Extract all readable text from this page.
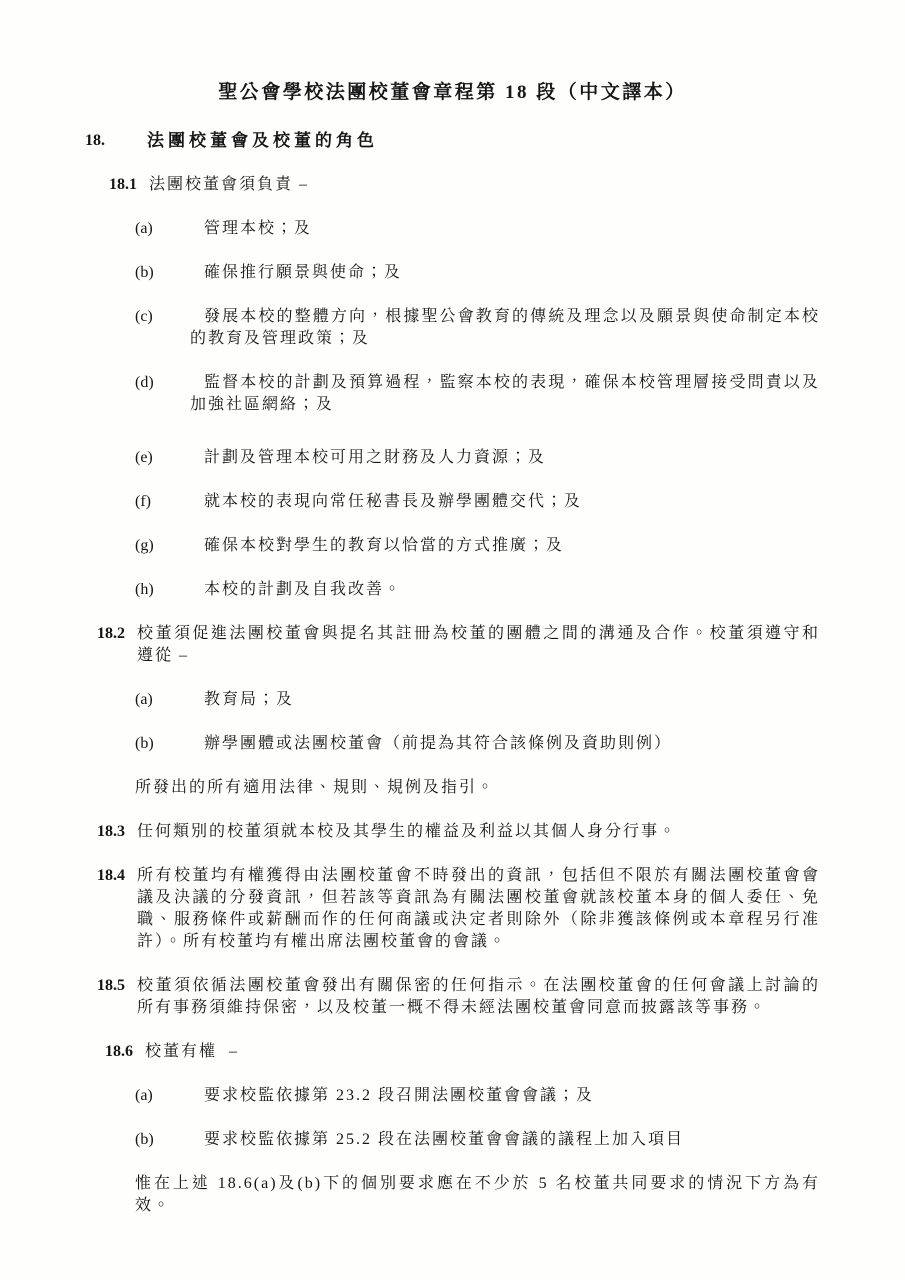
聖公會學校法團校董會章程第 18 段（中文譯本）
18.	法團校董會及校董的角色
18.1 法團校董會須負責 –
(a)	管理本校；及
(b)	確保推行願景與使命；及
(c)	發展本校的整體方向，根據聖公會教育的傳統及理念以及願景與使命制定本校的教育及管理政策；及
(d)	監督本校的計劃及預算過程，監察本校的表現，確保本校管理層接受問責以及加強社區網絡；及
(e)	計劃及管理本校可用之財務及人力資源；及
(f)	就本校的表現向常任秘書長及辦學團體交代；及
(g)	確保本校對學生的教育以恰當的方式推廣；及
(h)	本校的計劃及自我改善。
18.2 校董須促進法團校董會與提名其註冊為校董的團體之間的溝通及合作。校董須遵守和遵從 –
(a)	教育局；及
(b)	辦學團體或法團校董會（前提為其符合該條例及資助則例）
所發出的所有適用法律、規則、規例及指引。
18.3 任何類別的校董須就本校及其學生的權益及利益以其個人身分行事。
18.4 所有校董均有權獲得由法團校董會不時發出的資訊，包括但不限於有關法團校董會會議及決議的分發資訊，但若該等資訊為有關法團校董會就該校董本身的個人委任、免職、服務條件或薪酬而作的任何商議或決定者則除外（除非獲該條例或本章程另行准許）。所有校董均有權出席法團校董會的會議。
18.5 校董須依循法團校董會發出有關保密的任何指示。在法團校董會的任何會議上討論的所有事務須維持保密，以及校董一概不得未經法團校董會同意而披露該等事務。
18.6 校董有權  –
(a)	要求校監依據第 23.2 段召開法團校董會會議；及
(b)	要求校監依據第 25.2 段在法團校董會會議的議程上加入項目
惟在上述 18.6(a)及(b)下的個別要求應在不少於 5 名校董共同要求的情況下方為有效。
